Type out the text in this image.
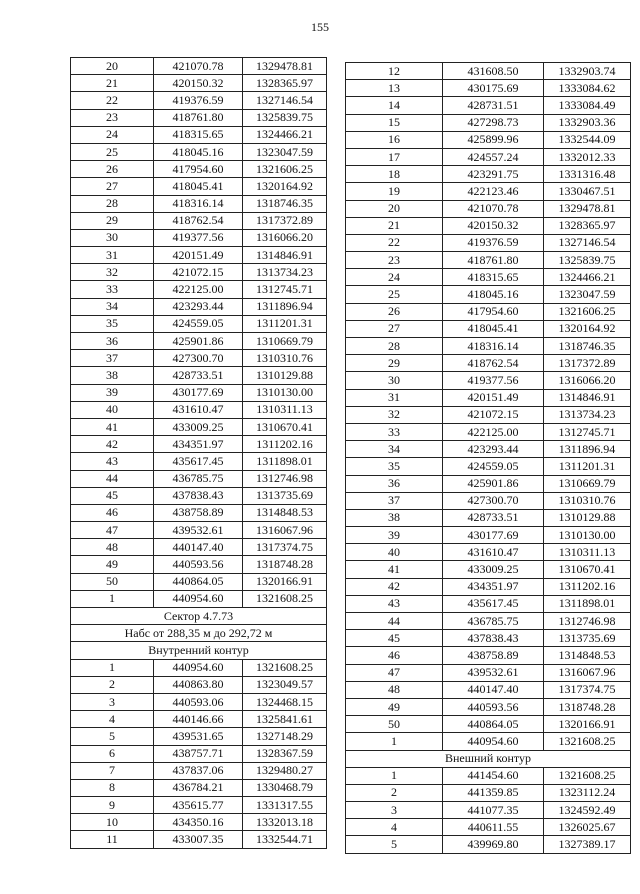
155
20	421070.78	1329478.81
21	420150.32	1328365.97
22	419376.59	1327146.54
23	418761.80	1325839.75
24	418315.65	1324466.21
25	418045.16	1323047.59
26	417954.60	1321606.25
27	418045.41	1320164.92
28	418316.14	1318746.35
29	418762.54	1317372.89
30	419377.56	1316066.20
31	420151.49	1314846.91
32	421072.15	1313734.23
33	422125.00	1312745.71
34	423293.44	1311896.94
35	424559.05	1311201.31
36	425901.86	1310669.79
37	427300.70	1310310.76
38	428733.51	1310129.88
39	430177.69	1310130.00
40	431610.47	1310311.13
41	433009.25	1310670.41
42	434351.97	1311202.16
43	435617.45	1311898.01
44	436785.75	1312746.98
45	437838.43	1313735.69
46	438758.89	1314848.53
47	439532.61	1316067.96
48	440147.40	1317374.75
49	440593.56	1318748.28
50	440864.05	1320166.91
1	440954.60	1321608.25
Сектор 4.7.73		
Набс от 288,35 м до 292,72 м		
Внутренний контур		
1	440954.60	1321608.25
2	440863.80	1323049.57
3	440593.06	1324468.15
4	440146.66	1325841.61
5	439531.65	1327148.29
6	438757.71	1328367.59
7	437837.06	1329480.27
8	436784.21	1330468.79
9	435615.77	1331317.55
10	434350.16	1332013.18
11	433007.35	1332544.71
12	431608.50	1332903.74
13	430175.69	1333084.62
14	428731.51	1333084.49
15	427298.73	1332903.36
16	425899.96	1332544.09
17	424557.24	1332012.33
18	423291.75	1331316.48
19	422123.46	1330467.51
20	421070.78	1329478.81
21	420150.32	1328365.97
22	419376.59	1327146.54
23	418761.80	1325839.75
24	418315.65	1324466.21
25	418045.16	1323047.59
26	417954.60	1321606.25
27	418045.41	1320164.92
28	418316.14	1318746.35
29	418762.54	1317372.89
30	419377.56	1316066.20
31	420151.49	1314846.91
32	421072.15	1313734.23
33	422125.00	1312745.71
34	423293.44	1311896.94
35	424559.05	1311201.31
36	425901.86	1310669.79
37	427300.70	1310310.76
38	428733.51	1310129.88
39	430177.69	1310130.00
40	431610.47	1310311.13
41	433009.25	1310670.41
42	434351.97	1311202.16
43	435617.45	1311898.01
44	436785.75	1312746.98
45	437838.43	1313735.69
46	438758.89	1314848.53
47	439532.61	1316067.96
48	440147.40	1317374.75
49	440593.56	1318748.28
50	440864.05	1320166.91
1	440954.60	1321608.25
Внешний контур		
1	441454.60	1321608.25
2	441359.85	1323112.24
3	441077.35	1324592.49
4	440611.55	1326025.67
5	439969.80	1327389.17
